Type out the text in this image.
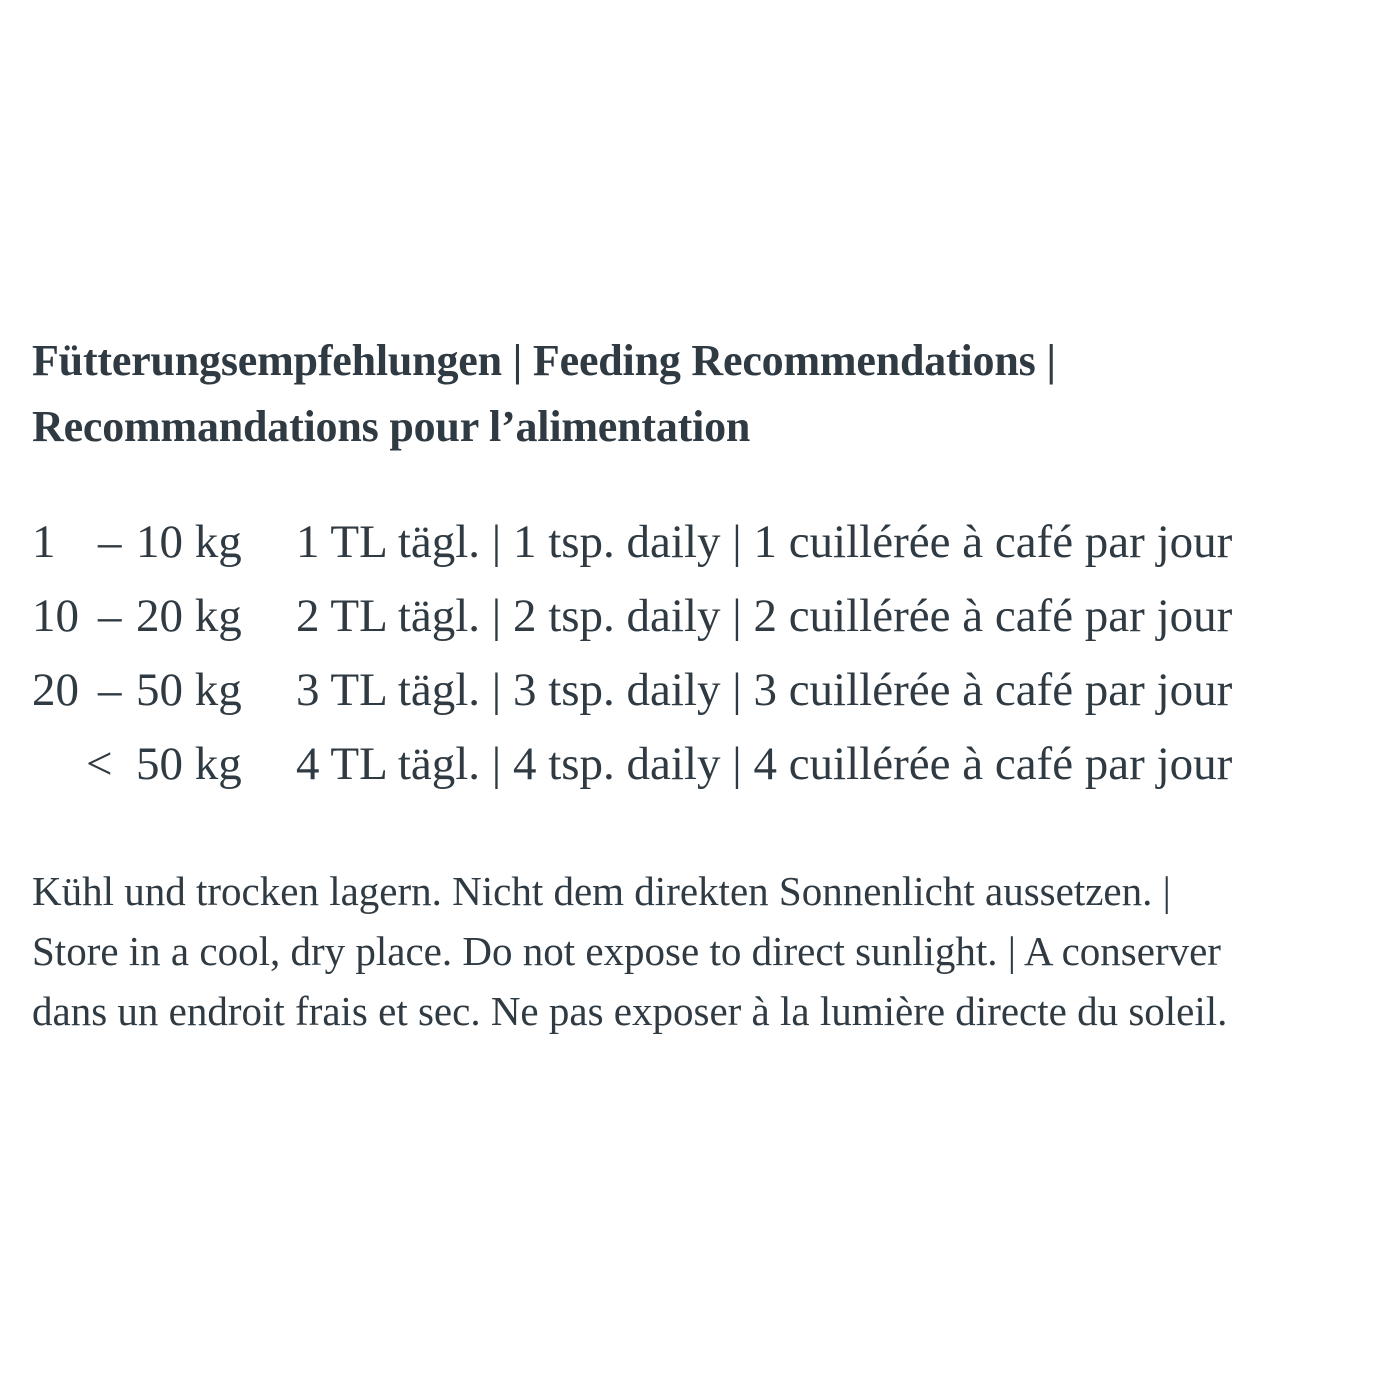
Fütterungsempfehlungen | Feeding Recommendations |
Recommandations pour l’alimentation
1 – 10 kg 1 TL tägl. | 1 tsp. daily | 1 cuillérée à café par jour
10 – 20 kg 2 TL tägl. | 2 tsp. daily | 2 cuillérée à café par jour
20 – 50 kg 3 TL tägl. | 3 tsp. daily | 3 cuillérée à café par jour
< 50 kg 4 TL tägl. | 4 tsp. daily | 4 cuillérée à café par jour

Kühl und trocken lagern. Nicht dem direkten Sonnenlicht aussetzen. |
Store in a cool, dry place. Do not expose to direct sunlight. | A conserver
dans un endroit frais et sec. Ne pas exposer à la lumière directe du soleil.
